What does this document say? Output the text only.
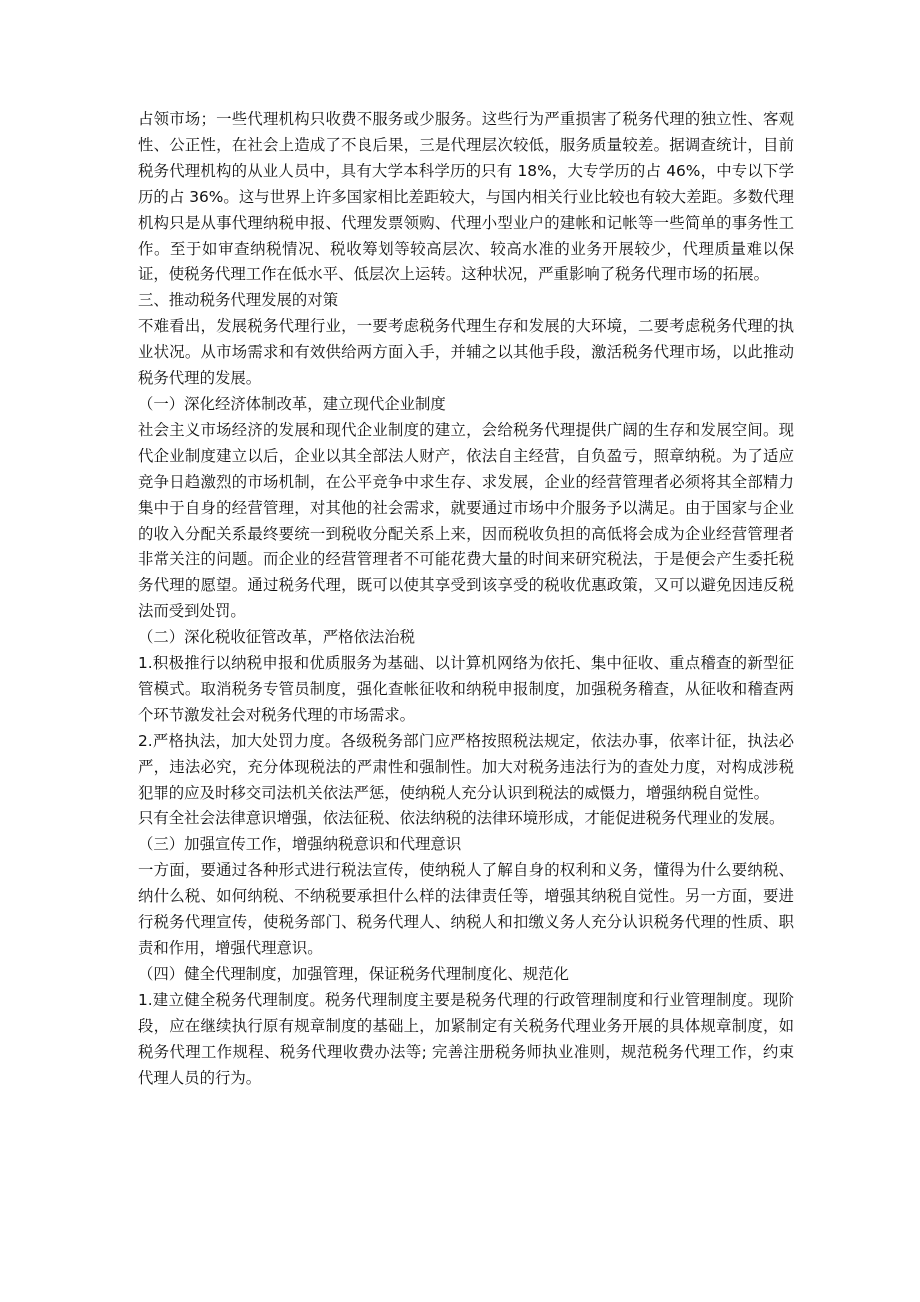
占领市场；一些代理机构只收费不服务或少服务。这些行为严重损害了税务代理的独立性、客观性、公正性，在社会上造成了不良后果，三是代理层次较低，服务质量较差。据调查统计，目前税务代理机构的从业人员中，具有大学本科学历的只有 18%，大专学历的占 46%，中专以下学历的占 36%。这与世界上许多国家相比差距较大，与国内相关行业比较也有较大差距。多数代理机构只是从事代理纳税申报、代理发票领购、代理小型业户的建帐和记帐等一些简单的事务性工作。至于如审查纳税情况、税收筹划等较高层次、较高水准的业务开展较少，代理质量难以保证，使税务代理工作在低水平、低层次上运转。这种状况，严重影响了税务代理市场的拓展。

三、推动税务代理发展的对策

不难看出，发展税务代理行业，一要考虑税务代理生存和发展的大环境，二要考虑税务代理的执业状况。从市场需求和有效供给两方面入手，并辅之以其他手段，激活税务代理市场，以此推动税务代理的发展。

（一）深化经济体制改革，建立现代企业制度

社会主义市场经济的发展和现代企业制度的建立，会给税务代理提供广阔的生存和发展空间。现代企业制度建立以后，企业以其全部法人财产，依法自主经营，自负盈亏，照章纳税。为了适应竞争日趋激烈的市场机制，在公平竞争中求生存、求发展，企业的经营管理者必须将其全部精力集中于自身的经营管理，对其他的社会需求，就要通过市场中介服务予以满足。由于国家与企业的收入分配关系最终要统一到税收分配关系上来，因而税收负担的高低将会成为企业经营管理者非常关注的问题。而企业的经营管理者不可能花费大量的时间来研究税法，于是便会产生委托税务代理的愿望。通过税务代理，既可以使其享受到该享受的税收优惠政策，又可以避免因违反税法而受到处罚。

（二）深化税收征管改革，严格依法治税

1.积极推行以纳税申报和优质服务为基础、以计算机网络为依托、集中征收、重点稽查的新型征管模式。取消税务专管员制度，强化查帐征收和纳税申报制度，加强税务稽查，从征收和稽查两个环节激发社会对税务代理的市场需求。

2.严格执法，加大处罚力度。各级税务部门应严格按照税法规定，依法办事，依率计征，执法必严，违法必究，充分体现税法的严肃性和强制性。加大对税务违法行为的查处力度，对构成涉税犯罪的应及时移交司法机关依法严惩，使纳税人充分认识到税法的威慑力，增强纳税自觉性。

只有全社会法律意识增强，依法征税、依法纳税的法律环境形成，才能促进税务代理业的发展。

（三）加强宣传工作，增强纳税意识和代理意识

一方面，要通过各种形式进行税法宣传，使纳税人了解自身的权利和义务，懂得为什么要纳税、纳什么税、如何纳税、不纳税要承担什么样的法律责任等，增强其纳税自觉性。另一方面，要进行税务代理宣传，使税务部门、税务代理人、纳税人和扣缴义务人充分认识税务代理的性质、职责和作用，增强代理意识。

（四）健全代理制度，加强管理，保证税务代理制度化、规范化

1.建立健全税务代理制度。税务代理制度主要是税务代理的行政管理制度和行业管理制度。现阶段，应在继续执行原有规章制度的基础上，加紧制定有关税务代理业务开展的具体规章制度，如税务代理工作规程、税务代理收费办法等; 完善注册税务师执业准则，规范税务代理工作，约束代理人员的行为。
